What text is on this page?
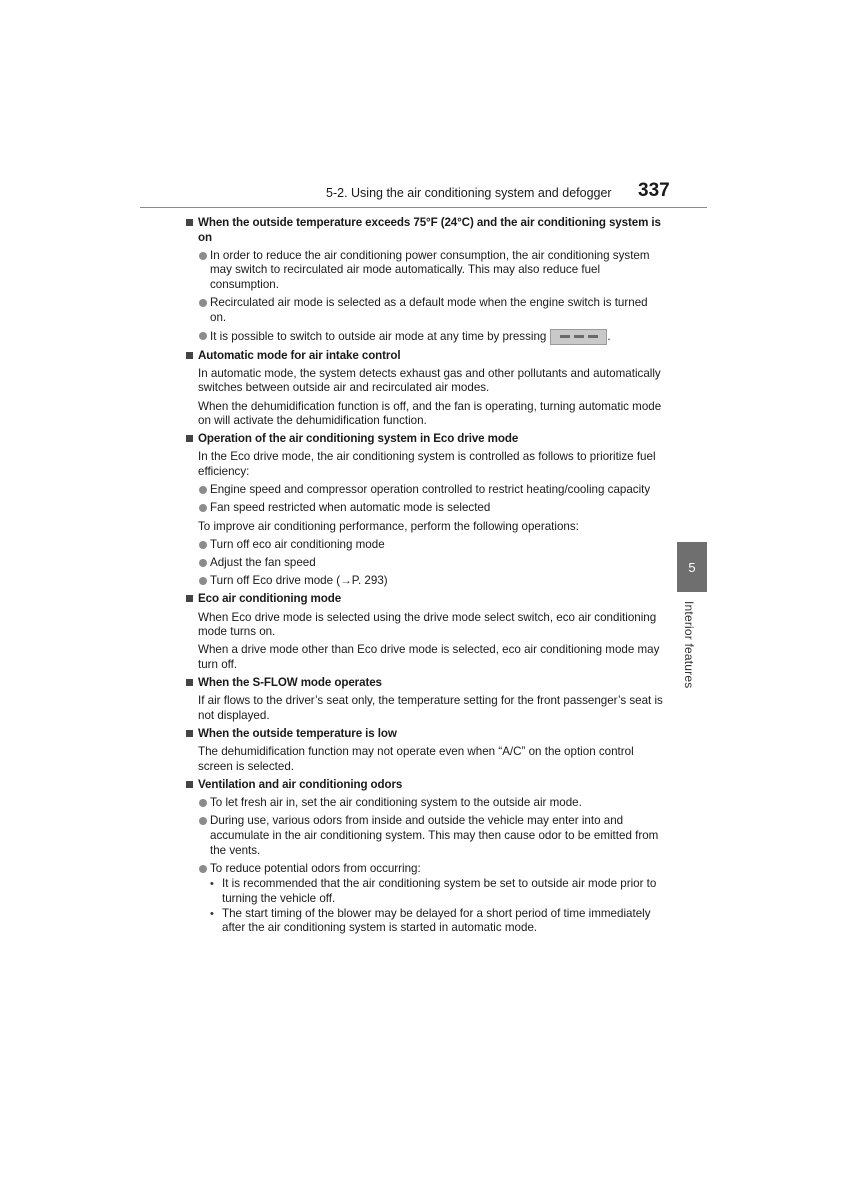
5-2. Using the air conditioning system and defogger 337
5
Interior features
When the outside temperature exceeds 75°F (24°C) and the air conditioning system is on
In order to reduce the air conditioning power consumption, the air conditioning system may switch to recirculated air mode automatically. This may also reduce fuel consumption.
Recirculated air mode is selected as a default mode when the engine switch is turned on.
It is possible to switch to outside air mode at any time by pressing	.
Automatic mode for air intake control
In automatic mode, the system detects exhaust gas and other pollutants and automatically switches between outside air and recirculated air modes.
When the dehumidification function is off, and the fan is operating, turning automatic mode on will activate the dehumidification function.
Operation of the air conditioning system in Eco drive mode
In the Eco drive mode, the air conditioning system is controlled as follows to prioritize fuel efficiency:
Engine speed and compressor operation controlled to restrict heating/cooling capacity
Fan speed restricted when automatic mode is selected
To improve air conditioning performance, perform the following operations:
Turn off eco air conditioning mode
Adjust the fan speed
Turn off Eco drive mode (→P. 293)
Eco air conditioning mode
When Eco drive mode is selected using the drive mode select switch, eco air conditioning mode turns on.
When a drive mode other than Eco drive mode is selected, eco air conditioning mode may turn off.
When the S-FLOW mode operates
If air flows to the driver’s seat only, the temperature setting for the front passenger’s seat is not displayed.
When the outside temperature is low
The dehumidification function may not operate even when “A/C” on the option control screen is selected.
Ventilation and air conditioning odors
To let fresh air in, set the air conditioning system to the outside air mode.
During use, various odors from inside and outside the vehicle may enter into and accumulate in the air conditioning system. This may then cause odor to be emitted from the vents.
To reduce potential odors from occurring:
• It is recommended that the air conditioning system be set to outside air mode prior to turning the vehicle off.
• The start timing of the blower may be delayed for a short period of time immediately after the air conditioning system is started in automatic mode.
